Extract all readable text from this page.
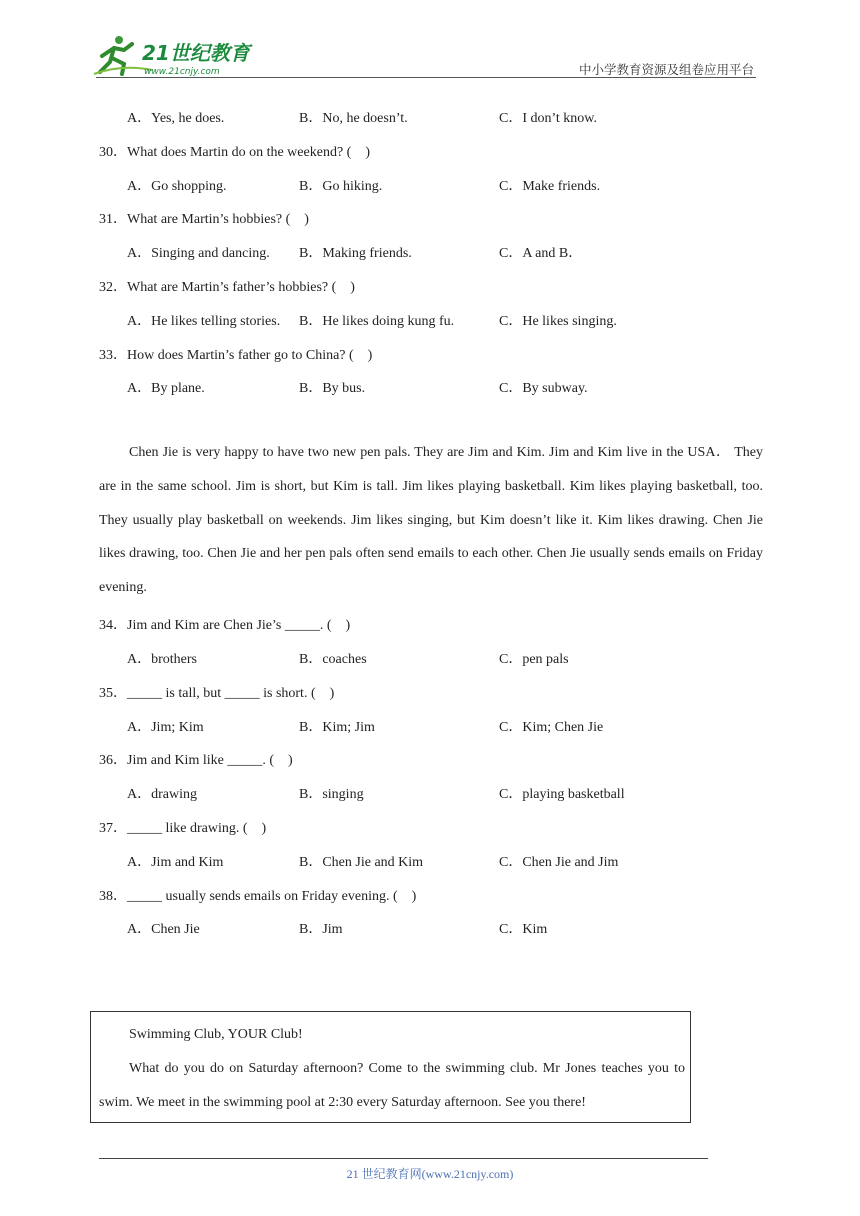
21世纪教育
www.21cnjy.com	中小学教育资源及组卷应用平台
A．Yes, he does.	B．No, he doesn’t.	C．I don’t know.
30．What does Martin do on the weekend? (　)
A．Go shopping.	B．Go hiking.	C．Make friends.
31．What are Martin’s hobbies? (　)
A．Singing and dancing. B．Making friends.	C．A and B．
32．What are Martin’s father’s hobbies? (　)
A．He likes telling stories. B．He likes doing kung fu.	C．He likes singing.
33．How does Martin’s father go to China? (　)
A．By plane.	B．By bus.	C．By subway.
Chen Jie is very happy to have two new pen pals. They are Jim and Kim. Jim and Kim live in the USA． They are in the same school. Jim is short, but Kim is tall. Jim likes playing basketball. Kim likes playing basketball, too. They usually play basketball on weekends. Jim likes singing, but Kim doesn’t like it. Kim likes drawing. Chen Jie likes drawing, too. Chen Jie and her pen pals often send emails to each other. Chen Jie usually sends emails on Friday evening.
34．Jim and Kim are Chen Jie’s _____. (　)
A．brothers	B．coaches	C．pen pals
35．_____ is tall, but _____ is short. (　)
A．Jim; Kim	B．Kim; Jim	C．Kim; Chen Jie
36．Jim and Kim like _____. (　)
A．drawing	B．singing	C．playing basketball
37．_____ like drawing. (　)
A．Jim and Kim	B．Chen Jie and Kim	C．Chen Jie and Jim
38．_____ usually sends emails on Friday evening. (　)
A．Chen Jie	B．Jim	C．Kim
Swimming Club, YOUR Club!
What do you do on Saturday afternoon? Come to the swimming club. Mr Jones teaches you to swim. We meet in the swimming pool at 2:30 every Saturday afternoon. See you there!
21 世纪教育网(www.21cnjy.com)
